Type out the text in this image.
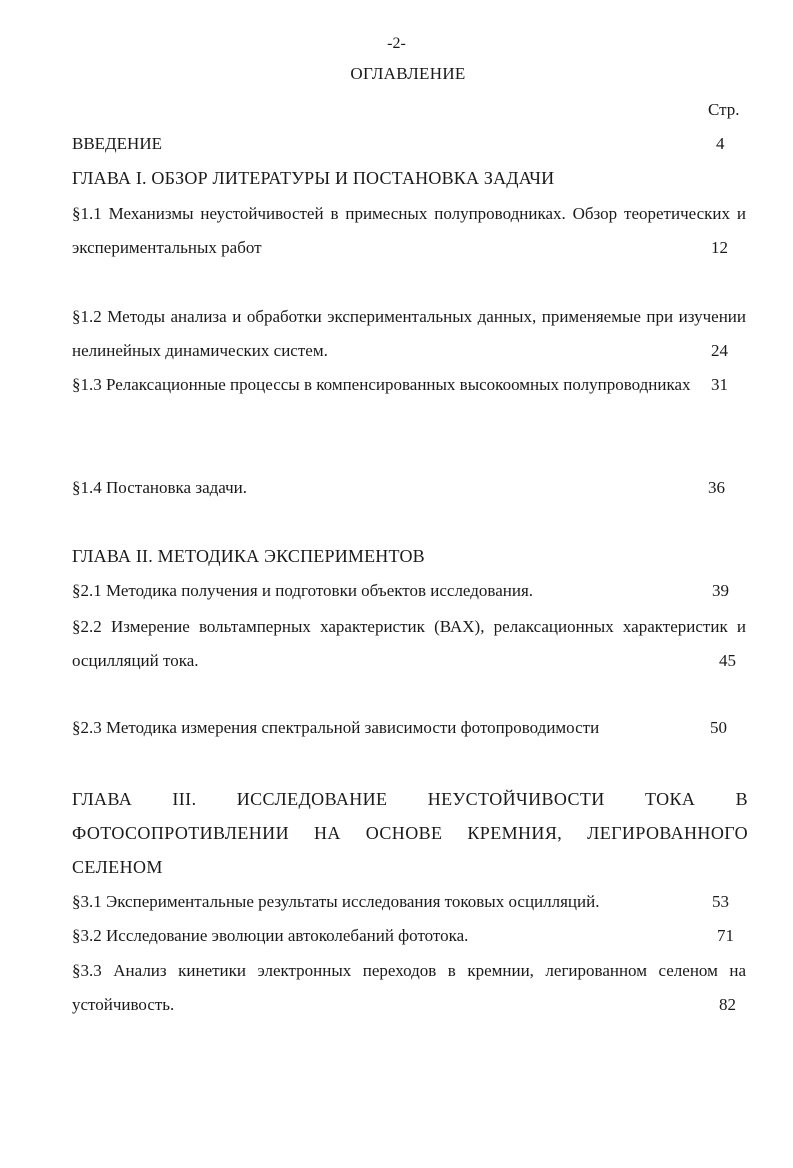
-2-
ОГЛАВЛЕНИЕ
Стр.
ВВЕДЕНИЕ	4
ГЛАВА I. ОБЗОР ЛИТЕРАТУРЫ И ПОСТАНОВКА ЗАДАЧИ
§1.1 Механизмы неустойчивостей в примесных полупроводниках. Обзор теоретических и экспериментальных работ	12
§1.2 Методы анализа и обработки экспериментальных данных, применяемые при изучении нелинейных динамических систем.	24
§1.3 Релаксационные процессы в компенсированных высокоомных полупроводниках 31
§1.4 Постановка задачи.	36
ГЛАВА II. МЕТОДИКА ЭКСПЕРИМЕНТОВ
§2.1 Методика получения и подготовки объектов исследования.	39
§2.2 Измерение вольтамперных характеристик (ВАХ), релаксационных характеристик и осцилляций тока.	45
§2.3 Методика измерения спектральной зависимости фотопроводимости	50
ГЛАВА III. ИССЛЕДОВАНИЕ НЕУСТОЙЧИВОСТИ ТОКА В ФОТОСОПРОТИВЛЕНИИ НА ОСНОВЕ КРЕМНИЯ, ЛЕГИРОВАННОГО СЕЛЕНОМ
§3.1 Экспериментальные результаты исследования токовых осцилляций.	53
§3.2 Исследование эволюции автоколебаний фототока.	71
§3.3 Анализ кинетики электронных переходов в кремнии, легированном селеном на устойчивость.	82
